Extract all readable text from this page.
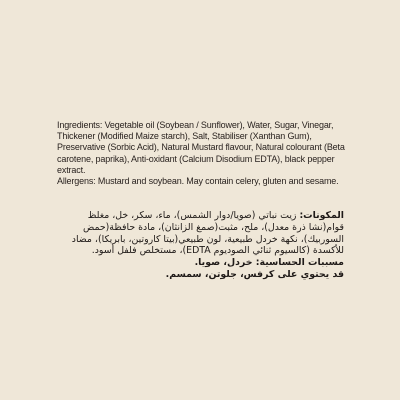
Ingredients: Vegetable oil (Soybean / Sunflower), Water, Sugar, Vinegar, Thickener (Modified Maize starch), Salt, Stabiliser (Xanthan Gum), Preservative (Sorbic Acid), Natural Mustard flavour, Natural colourant (Beta carotene, paprika), Anti-oxidant (Calcium Disodium EDTA), black pepper extract.

Allergens: Mustard and soybean. May contain celery, gluten and sesame.

المكونات: زيت نباتي (صويا/دوار الشمس)، ماء، سكر، خل، مغلظ قوام(نشا ذرة معدل)، ملح، مثبت(صمغ الزانثان)، مادة حافظة(حمض السوربيك)، نكهة خردل طبيعية، لون طبيعي(بيتا كاروتين، بابريكا)، مضاد للأكسدة (كالسيوم ثنائي الصوديوم EDTA)، مستخلص فلفل أسود.

مسببات الحساسية: خردل، صويا.

قد يحتوي على كرفس، جلوتن، سمسم.
